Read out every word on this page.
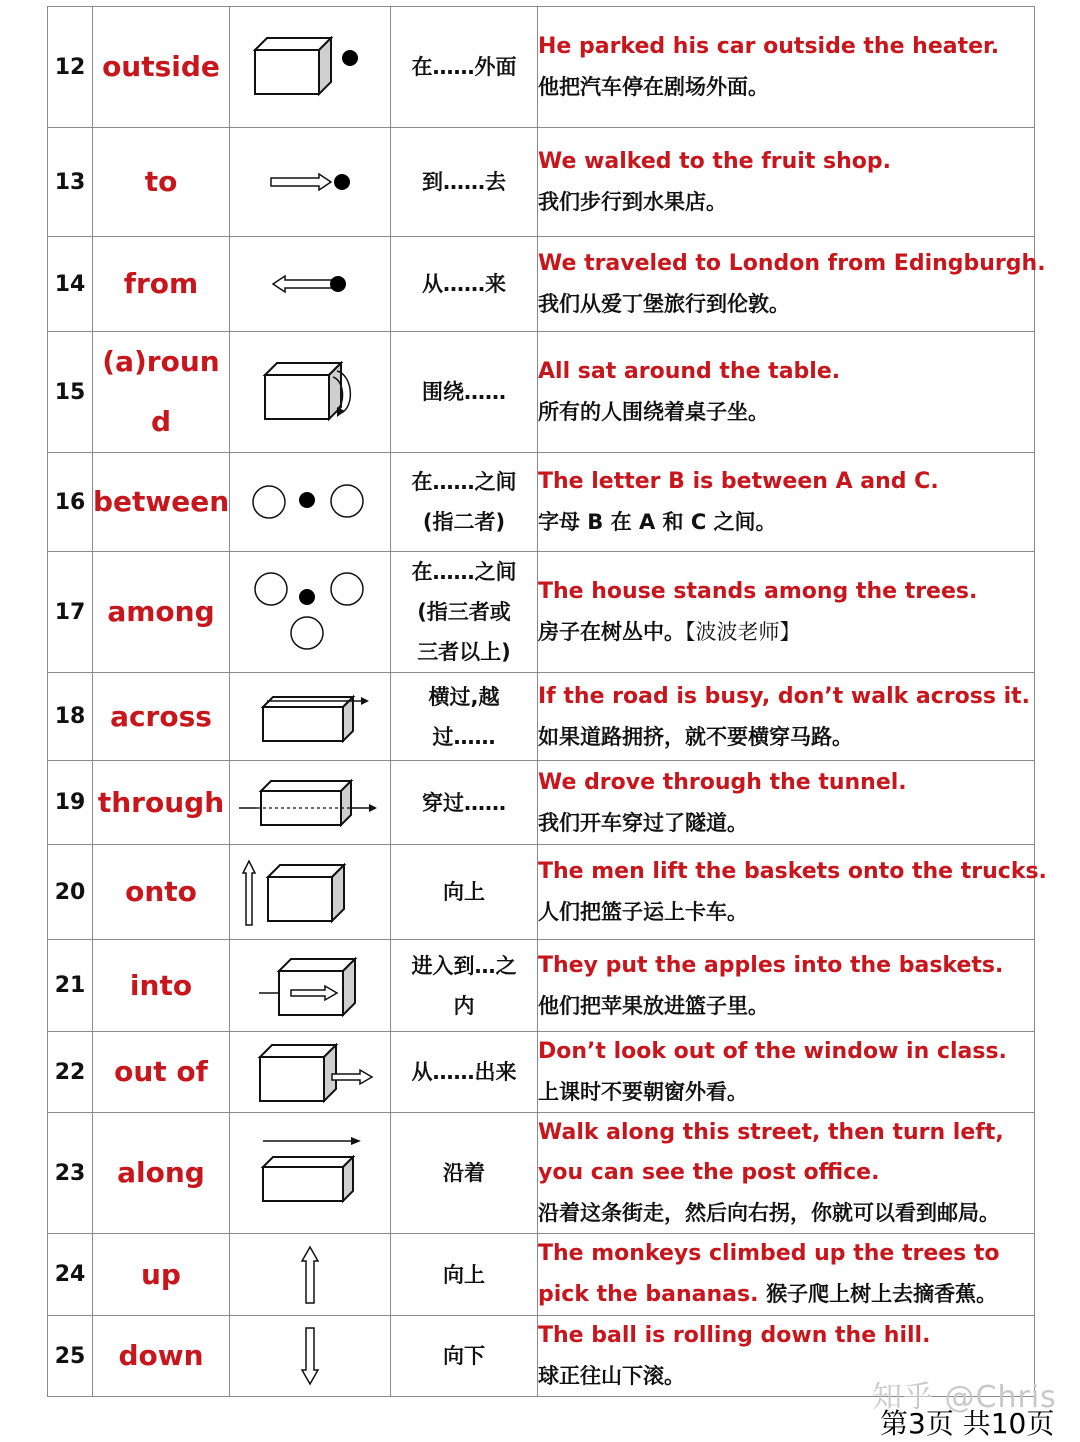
12	outside		在……外面	He parked his car outside the heater.
他把汽车停在剧场外面。

13	to		到……去	We walked to the fruit shop.
我们步行到水果店。

14	from		从……来	We traveled to London from Edingburgh.
我们从爱丁堡旅行到伦敦。

15	(a)roun
d		围绕……	All sat around the table.
所有的人围绕着桌子坐。

16	between		在……之间
(指二者)	The letter B is between A and C.
字母 B 在 A 和 C 之间。

17	among		在……之间
(指三者或
三者以上)	The house stands among the trees.
房子在树丛中。【波波老师】

18	across		横过,越
过……	If the road is busy, don’t walk across it.
如果道路拥挤，就不要横穿马路。

19	through		穿过……	We drove through the tunnel.
我们开车穿过了隧道。

20	onto		向上	The men lift the baskets onto the trucks.
人们把篮子运上卡车。

21	into		进入到…之
内	They put the apples into the baskets.
他们把苹果放进篮子里。

22	out of		从……出来	Don’t look out of the window in class.
上课时不要朝窗外看。

23	along		沿着	Walk along this street, then turn left, you can see the post office.
沿着这条街走，然后向右拐，你就可以看到邮局。

24	up		向上	The monkeys climbed up the trees to pick the bananas. 猴子爬上树上去摘香蕉。

25	down		向下	The ball is rolling down the hill.
球正往山下滚。
知乎 @Chris
第3页 共10页
